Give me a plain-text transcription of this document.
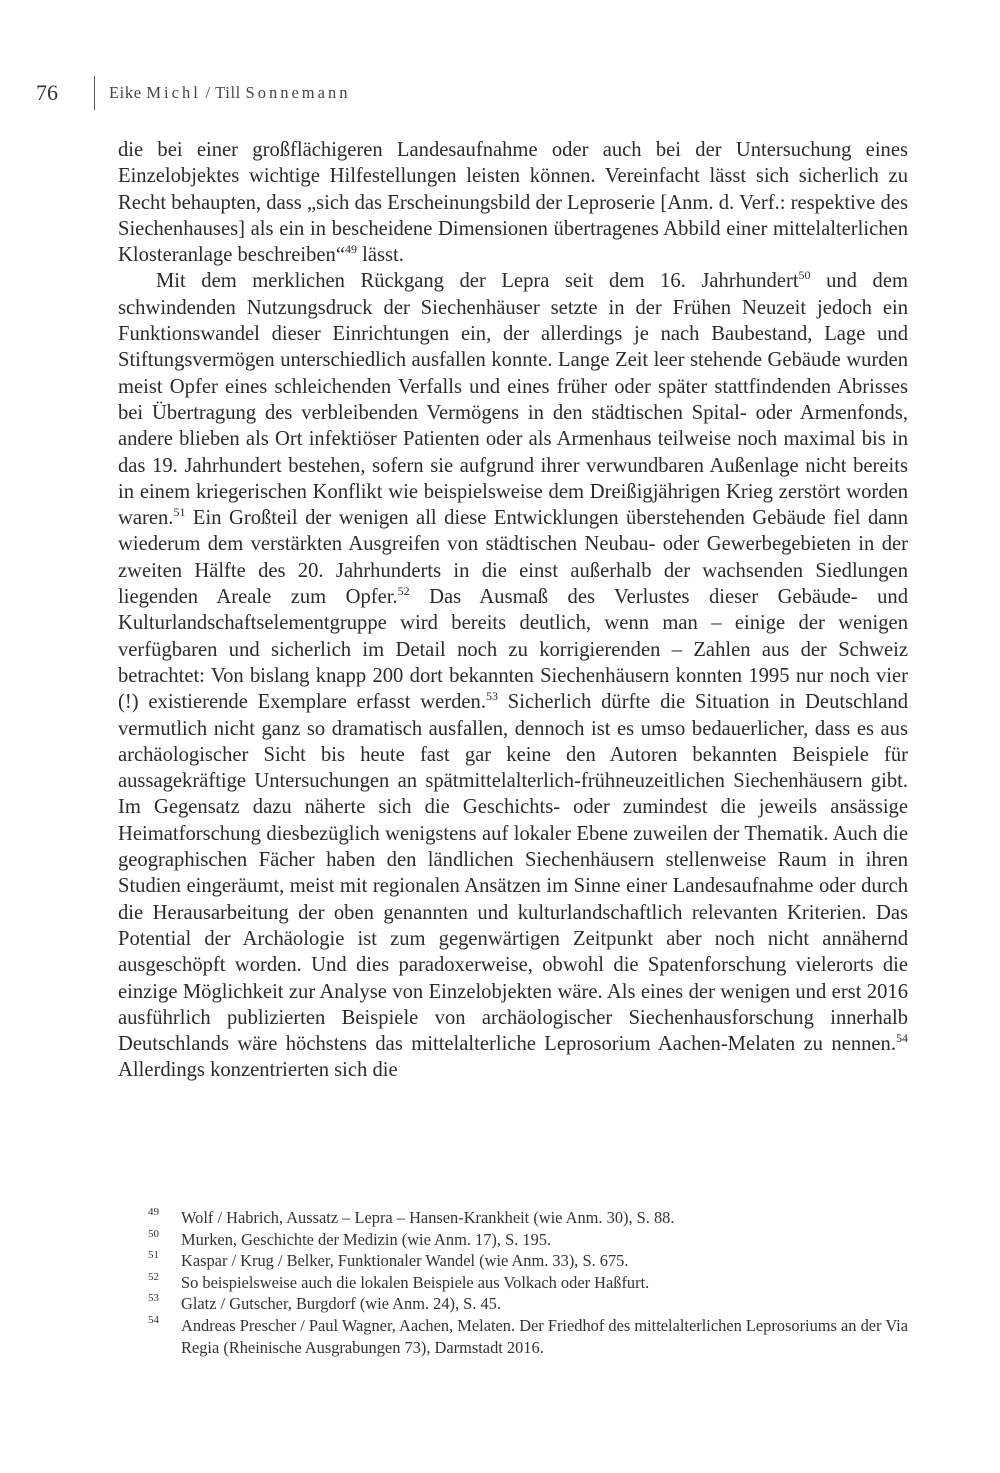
76	Eike Michl / Till Sonnemann

die bei einer großflächigeren Landesaufnahme oder auch bei der Untersuchung eines Einzelobjektes wichtige Hilfestellungen leisten können. Vereinfacht lässt sich sicherlich zu Recht behaupten, dass „sich das Erscheinungsbild der Leproserie [Anm. d. Verf.: respektive des Siechenhauses] als ein in bescheidene Dimensionen übertragenes Abbild einer mittelalterlichen Klosteranlage beschreiben“$^{49}$ lässt.

Mit dem merklichen Rückgang der Lepra seit dem 16. Jahrhundert$^{50}$ und dem schwindenden Nutzungsdruck der Siechenhäuser setzte in der Frühen Neuzeit jedoch ein Funktionswandel dieser Einrichtungen ein, der allerdings je nach Baubestand, Lage und Stiftungsvermögen unterschiedlich ausfallen konnte. Lange Zeit leer stehende Gebäude wurden meist Opfer eines schleichenden Verfalls und eines früher oder später stattfindenden Abrisses bei Übertragung des verbleibenden Vermögens in den städtischen Spital- oder Armenfonds, andere blieben als Ort infektiöser Patienten oder als Armenhaus teilweise noch maximal bis in das 19. Jahrhundert bestehen, sofern sie aufgrund ihrer verwundbaren Außenlage nicht bereits in einem kriegerischen Konflikt wie beispielsweise dem Dreißigjährigen Krieg zerstört worden waren.$^{51}$ Ein Großteil der wenigen all diese Entwicklungen überstehenden Gebäude fiel dann wiederum dem verstärkten Ausgreifen von städtischen Neubau- oder Gewerbegebieten in der zweiten Hälfte des 20. Jahrhunderts in die einst außerhalb der wachsenden Siedlungen liegenden Areale zum Opfer.$^{52}$ Das Ausmaß des Verlustes dieser Gebäude- und Kulturlandschaftselementgruppe wird bereits deutlich, wenn man – einige der wenigen verfügbaren und sicherlich im Detail noch zu korrigierenden – Zahlen aus der Schweiz betrachtet: Von bislang knapp 200 dort bekannten Siechenhäusern konnten 1995 nur noch vier (!) existierende Exemplare erfasst werden.$^{53}$ Sicherlich dürfte die Situation in Deutschland vermutlich nicht ganz so dramatisch ausfallen, dennoch ist es umso bedauerlicher, dass es aus archäologischer Sicht bis heute fast gar keine den Autoren bekannten Beispiele für aussagekräftige Untersuchungen an spätmittelalterlich-frühneuzeitlichen Siechenhäusern gibt. Im Gegensatz dazu näherte sich die Geschichts- oder zumindest die jeweils ansässige Heimatforschung diesbezüglich wenigstens auf lokaler Ebene zuweilen der Thematik. Auch die geographischen Fächer haben den ländlichen Siechenhäusern stellenweise Raum in ihren Studien eingeräumt, meist mit regionalen Ansätzen im Sinne einer Landesaufnahme oder durch die Herausarbeitung der oben genannten und kulturlandschaftlich relevanten Kriterien. Das Potential der Archäologie ist zum gegenwärtigen Zeitpunkt aber noch nicht annähernd ausgeschöpft worden. Und dies paradoxerweise, obwohl die Spatenforschung vielerorts die einzige Möglichkeit zur Analyse von Einzelobjekten wäre. Als eines der wenigen und erst 2016 ausführlich publizierten Beispiele von archäologischer Siechenhausforschung innerhalb Deutschlands wäre höchstens das mittelalterliche Leprosorium Aachen-Melaten zu nennen.$^{54}$ Allerdings konzentrierten sich die

49 Wolf / Habrich, Aussatz – Lepra – Hansen-Krankheit (wie Anm. 30), S. 88.
50 Murken, Geschichte der Medizin (wie Anm. 17), S. 195.
51 Kaspar / Krug / Belker, Funktionaler Wandel (wie Anm. 33), S. 675.
52 So beispielsweise auch die lokalen Beispiele aus Volkach oder Haßfurt.
53 Glatz / Gutscher, Burgdorf (wie Anm. 24), S. 45.
54 Andreas Prescher / Paul Wagner, Aachen, Melaten. Der Friedhof des mittelalterlichen Leprosoriums an der Via Regia (Rheinische Ausgrabungen 73), Darmstadt 2016.
